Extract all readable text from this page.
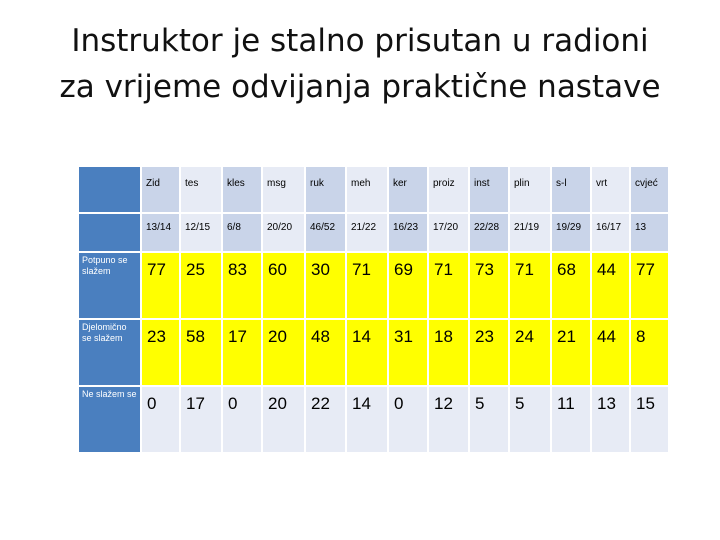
Instruktor je stalno prisutan u radioni
za vrijeme odvijanja praktične nastave
	Zid	tes	kles	msg	ruk	meh	ker	proiz	inst	plin	s-l	vrt	cvjeć
	13/14	12/15	6/8	20/20	46/52	21/22	16/23	17/20	22/28	21/19	19/29	16/17	13
Potpuno se slažem	77	25	83	60	30	71	69	71	73	71	68	44	77
Djelomično se slažem	23	58	17	20	48	14	31	18	23	24	21	44	8
Ne slažem se	0	17	0	20	22	14	0	12	5	5	11	13	15
